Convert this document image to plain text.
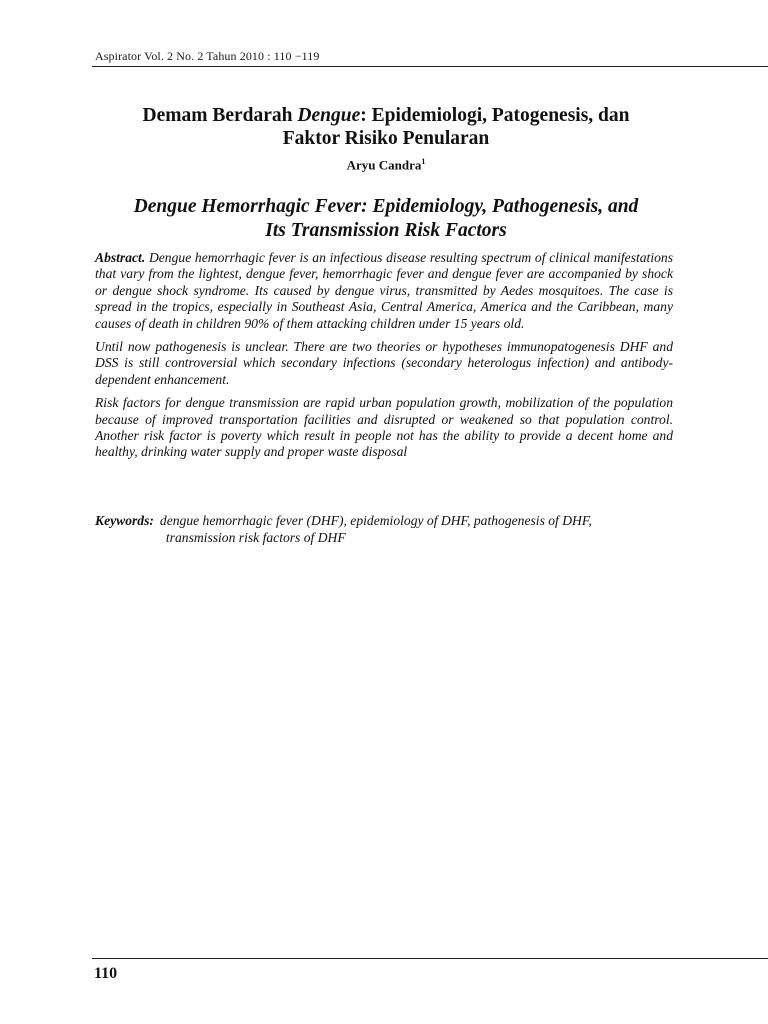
Aspirator Vol. 2 No. 2 Tahun 2010 : 110 −119
Demam Berdarah Dengue: Epidemiologi, Patogenesis, dan
Faktor Risiko Penularan
Aryu Candra$^1$
Dengue Hemorrhagic Fever: Epidemiology, Pathogenesis, and
Its Transmission Risk Factors

Abstract. Dengue hemorrhagic fever is an infectious disease resulting spectrum of clinical manifestations that vary from the lightest, dengue fever, hemorrhagic fever and dengue fever are accompanied by shock or dengue shock syndrome. Its caused by dengue virus, transmitted by Aedes mosquitoes. The case is spread in the tropics, especially in Southeast Asia, Central America, America and the Caribbean, many causes of death in children 90% of them attacking children under 15 years old.

Until now pathogenesis is unclear. There are two theories or hypotheses immunopatogenesis DHF and DSS is still controversial which secondary infections (secondary heterologus infection) and antibody-dependent enhancement.

Risk factors for dengue transmission are rapid urban population growth, mobilization of the population because of improved transportation facilities and disrupted or weakened so that population control. Another risk factor is poverty which result in people not has the ability to provide a decent home and healthy, drinking water supply and proper waste disposal

Keywords: dengue hemorrhagic fever (DHF), epidemiology of DHF, pathogenesis of DHF,
transmission risk factors of DHF
110
